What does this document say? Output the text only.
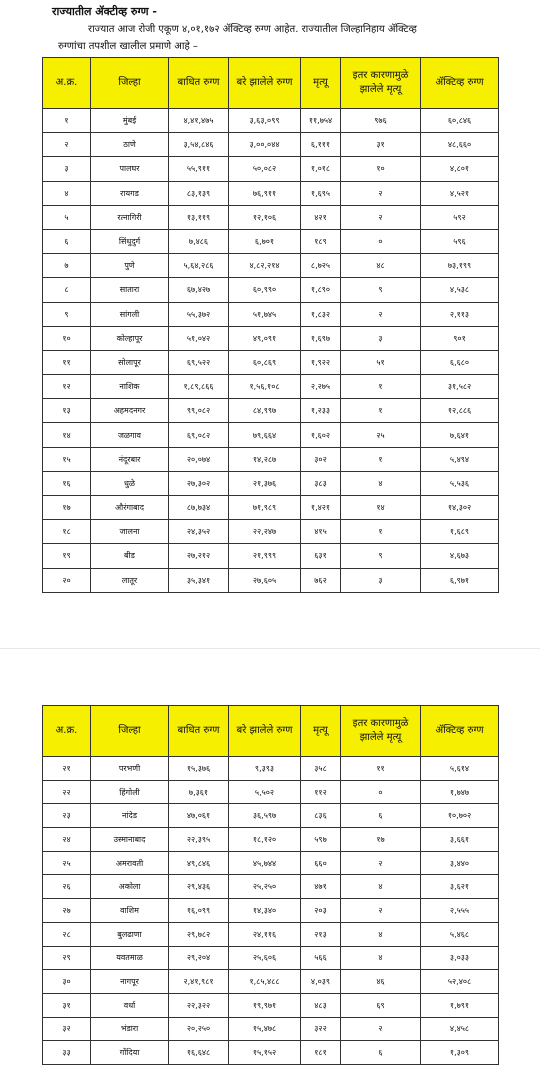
राज्यातील ॲक्टीव्ह रुग्ण -
राज्यात आज रोजी एकूण ४,०१,१७२ ॲक्टिव्ह रुग्ण आहेत. राज्यातील जिल्हानिहाय ॲक्टिव्ह
रुग्णांचा तपशील खालील प्रमाणे आहे –
अ.क्र.	जिल्हा	बाधित रुग्ण	बरे झालेले रुग्ण	मृत्यू	इतर कारणामुळे झालेले मृत्यू	ॲक्टिव्ह रुग्ण
१	मुंबई	४,४१,४७५	३,६३,०९९	११,७५४	९७६	६०,८४६
२	ठाणे	३,५४,८४६	३,००,०४४	६,१११	३१	४८,६६०
३	पालघर	५५,९११	५०,०८२	१,०१८	१०	४,८०१
४	रायगड	८३,१३९	७६,९११	१,६९५	२	४,५२१
५	रत्नागिरी	१३,११९	१२,१०६	४२१	२	५९२
६	सिंधुदुर्ग	७,४८६	६,७०१	१८९	०	५९६
७	पुणे	५,६४,२८६	४,८२,२१४	८,७२५	४८	७३,१९९
८	सातारा	६७,४२७	६०,९९०	१,८९०	९	४,५३८
९	सांगली	५५,३७२	५१,७४५	१,८३२	२	२,११३
१०	कोल्हापूर	५१,०४२	४९,०९१	१,६९७	३	९०१
११	सोलापूर	६९,५२२	६०,८६९	१,९२२	५१	६,६८०
१२	नाशिक	१,८९,८६६	१,५६,१०८	२,२७५	१	३१,५८२
१३	अहमदनगर	९९,०८२	८४,९९७	१,२३३	१	१२,८८६
१४	जळगाव	६९,०८२	७९,६६४	१,६०२	२५	७,६४१
१५	नंदूरबार	२०,०७४	१४,२८७	३०२	१	५,४९४
१६	धुळे	२७,३०२	२१,३७६	३८३	४	५,५३६
१७	औरंगाबाद	८७,७३४	७१,९८९	१,४२१	१४	१४,३०२
१८	जालना	२४,३५२	२२,२४७	४१५	१	१,६८९
१९	बीड	२७,२१२	२१,९९९	६३१	९	४,६७३
२०	लातूर	३५,३४१	२७,६०५	७६२	३	६,९७१
अ.क्र.	जिल्हा	बाधित रुग्ण	बरे झालेले रुग्ण	मृत्यू	इतर कारणामुळे झालेले मृत्यू	ॲक्टिव्ह रुग्ण
२१	परभणी	१५,३७६	९,३९३	३५८	११	५,६१४
२२	हिंगोली	७,३६१	५,५०२	११२	०	१,७४७
२३	नांदेड	४७,०६१	३६,५९७	८३६	६	१०,७०२
२४	उस्मानाबाद	२२,३९५	१८,१२०	५९७	१७	३,६६१
२५	अमरावती	४९,८४६	४५,७४४	६६०	२	३,४४०
२६	अकोला	२९,४३६	२५,२५०	४७१	४	३,६२१
२७	वाशिम	१६,०९९	१४,३४०	२०३	२	२,५५५
२८	बुलढाणा	२९,७८२	२४,११६	२१३	४	५,४६८
२९	यवतमाळ	२९,२०४	२५,६०६	५६६	४	३,०३३
३०	नागपूर	२,४१,९८१	१,८५,४८८	४,०३९	४६	५२,४०८
३१	वर्धा	२२,३२२	१९,९७१	४८३	६९	१,७९१
३२	भंडारा	२०,२५०	१५,४७८	३२२	२	४,४५८
३३	गोंदिया	१६,६४८	१५,१५२	१८१	६	१,३०९
